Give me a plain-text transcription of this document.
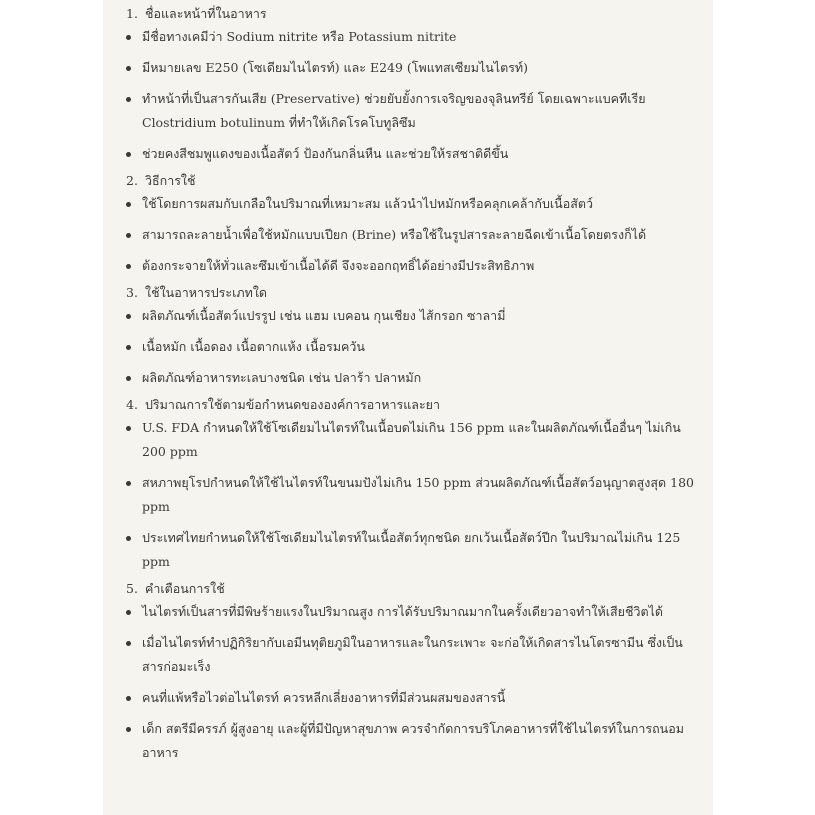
1. ชื่อและหน้าที่ในอาหาร
มีชื่อทางเคมีว่า Sodium nitrite หรือ Potassium nitrite
มีหมายเลข E250 (โซเดียมไนไตรท์) และ E249 (โพแทสเซียมไนไตรท์)
ทำหน้าที่เป็นสารกันเสีย (Preservative) ช่วยยับยั้งการเจริญของจุลินทรีย์ โดยเฉพาะแบคทีเรีย Clostridium botulinum ที่ทำให้เกิดโรคโบทูลิซึม
ช่วยคงสีชมพูแดงของเนื้อสัตว์ ป้องกันกลิ่นหืน และช่วยให้รสชาติดีขึ้น
2. วิธีการใช้
ใช้โดยการผสมกับเกลือในปริมาณที่เหมาะสม แล้วนำไปหมักหรือคลุกเคล้ากับเนื้อสัตว์
สามารถละลายน้ำเพื่อใช้หมักแบบเปียก (Brine) หรือใช้ในรูปสารละลายฉีดเข้าเนื้อโดยตรงก็ได้
ต้องกระจายให้ทั่วและซึมเข้าเนื้อได้ดี จึงจะออกฤทธิ์ได้อย่างมีประสิทธิภาพ
3. ใช้ในอาหารประเภทใด
ผลิตภัณฑ์เนื้อสัตว์แปรรูป เช่น แฮม เบคอน กุนเชียง ไส้กรอก ซาลามี่
เนื้อหมัก เนื้อดอง เนื้อตากแห้ง เนื้อรมควัน
ผลิตภัณฑ์อาหารทะเลบางชนิด เช่น ปลาร้า ปลาหมัก
4. ปริมาณการใช้ตามข้อกำหนดขององค์การอาหารและยา
U.S. FDA กำหนดให้ใช้โซเดียมไนไตรท์ในเนื้อบดไม่เกิน 156 ppm และในผลิตภัณฑ์เนื้ออื่นๆ ไม่เกิน 200 ppm
สหภาพยุโรปกำหนดให้ใช้ไนไตรท์ในขนมปังไม่เกิน 150 ppm ส่วนผลิตภัณฑ์เนื้อสัตว์อนุญาตสูงสุด 180 ppm
ประเทศไทยกำหนดให้ใช้โซเดียมไนไตรท์ในเนื้อสัตว์ทุกชนิด ยกเว้นเนื้อสัตว์ปีก ในปริมาณไม่เกิน 125 ppm
5. คำเตือนการใช้
ไนไตรท์เป็นสารที่มีพิษร้ายแรงในปริมาณสูง การได้รับปริมาณมากในครั้งเดียวอาจทำให้เสียชีวิตได้
เมื่อไนไตรท์ทำปฏิกิริยากับเอมีนทุติยภูมิในอาหารและในกระเพาะ จะก่อให้เกิดสารไนโตรซามีน ซึ่งเป็นสารก่อมะเร็ง
คนที่แพ้หรือไวต่อไนไตรท์ ควรหลีกเลี่ยงอาหารที่มีส่วนผสมของสารนี้
เด็ก สตรีมีครรภ์ ผู้สูงอายุ และผู้ที่มีปัญหาสุขภาพ ควรจำกัดการบริโภคอาหารที่ใช้ไนไตรท์ในการถนอมอาหาร
